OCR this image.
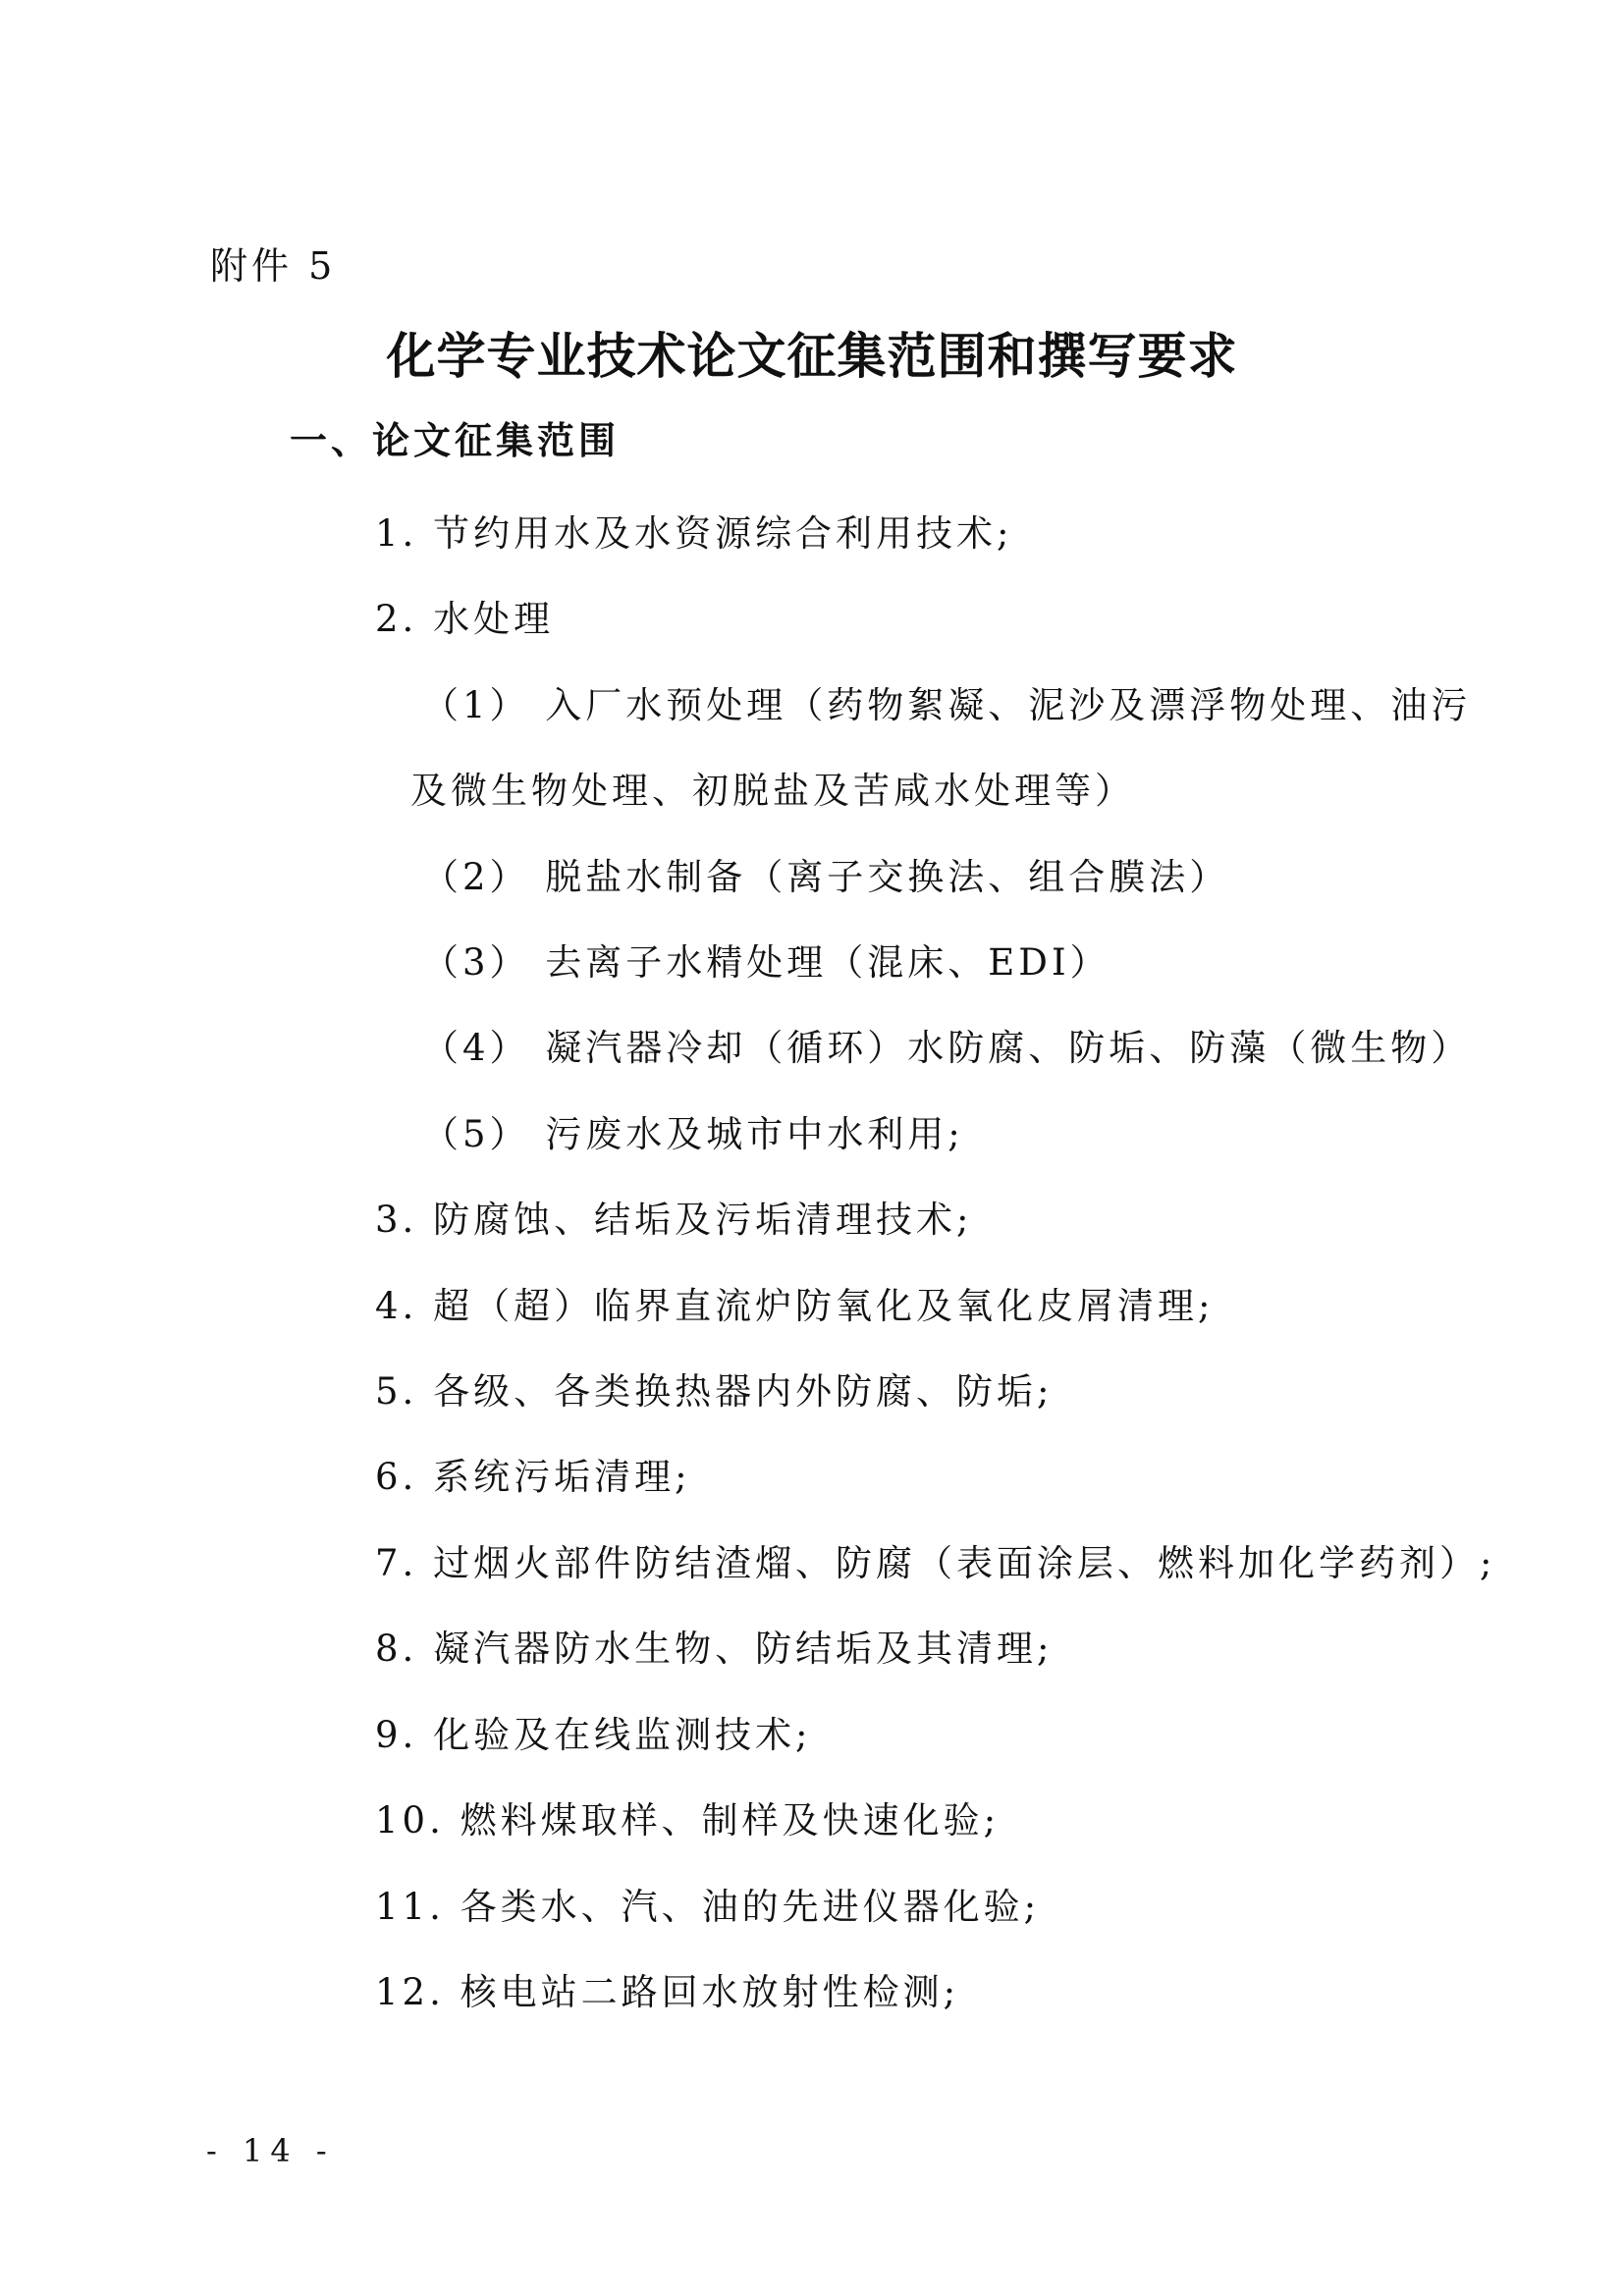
附件 5
化学专业技术论文征集范围和撰写要求
一、论文征集范围
1. 节约用水及水资源综合利用技术;
2. 水处理
（1） 入厂水预处理（药物絮凝、泥沙及漂浮物处理、油污
及微生物处理、初脱盐及苦咸水处理等）
（2） 脱盐水制备（离子交换法、组合膜法）
（3） 去离子水精处理（混床、EDI）
（4） 凝汽器冷却（循环）水防腐、防垢、防藻（微生物）
（5） 污废水及城市中水利用;
3. 防腐蚀、结垢及污垢清理技术;
4. 超（超）临界直流炉防氧化及氧化皮屑清理;
5. 各级、各类换热器内外防腐、防垢;
6. 系统污垢清理;
7. 过烟火部件防结渣熘、防腐（表面涂层、燃料加化学药剂）;
8. 凝汽器防水生物、防结垢及其清理;
9. 化验及在线监测技术;
10. 燃料煤取样、制样及快速化验;
11. 各类水、汽、油的先进仪器化验;
12. 核电站二路回水放射性检测;
- 14 -
